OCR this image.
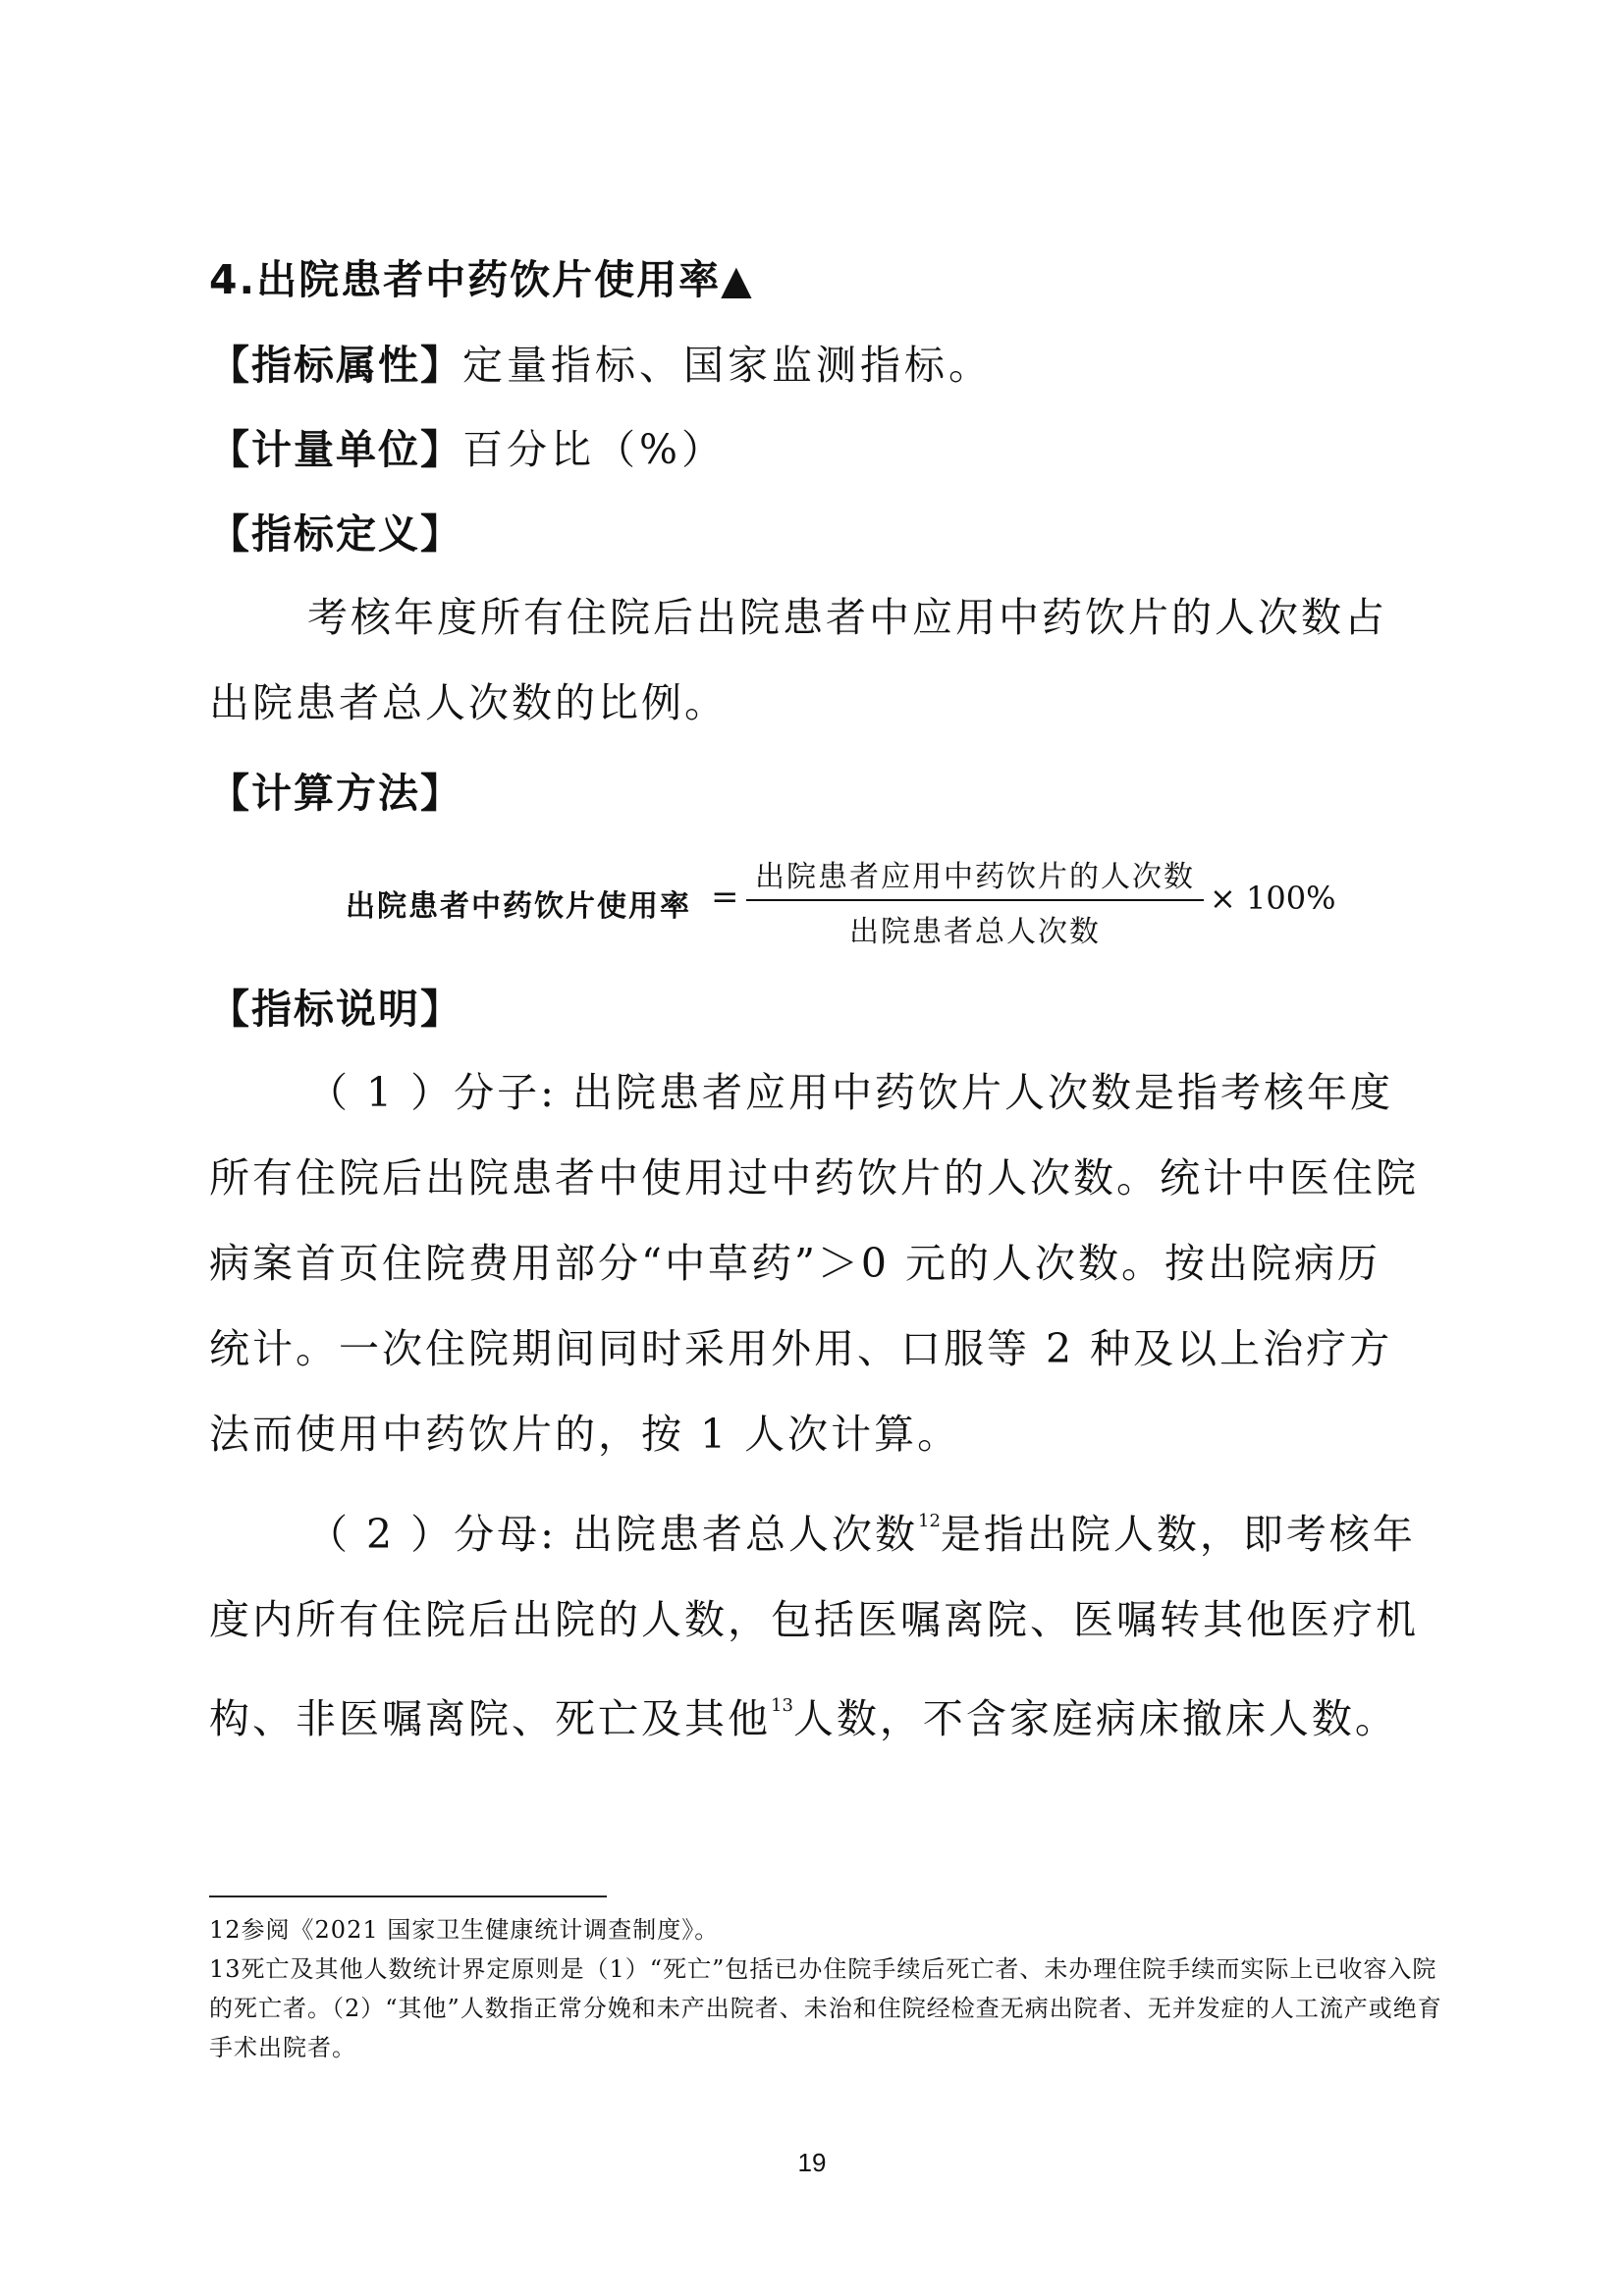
4.出院患者中药饮片使用率▲
【指标属性】定量指标、国家监测指标。
【计量单位】百分比（%）
【指标定义】
考核年度所有住院后出院患者中应用中药饮片的人次数占出院患者总人次数的比例。
【计算方法】
出院患者中药饮片使用率 =
出院患者应用中药饮片的人次数
出院患者总人次数
× 100%
【指标说明】
（ 1 ）分子: 出院患者应用中药饮片人次数是指考核年度所有住院后出院患者中使用过中药饮片的人次数。统计中医住院病案首页住院费用部分“中草药”＞0 元的人次数。按出院病历统计。一次住院期间同时采用外用、口服等 2 种及以上治疗方法而使用中药饮片的，按 1 人次计算。
（ 2 ）分母: 出院患者总人次数$^{12}$是指出院人数，即考核年度内所有住院后出院的人数，包括医嘱离院、医嘱转其他医疗机构、非医嘱离院、死亡及其他$^{13}$人数，不含家庭病床撤床人数。
12参阅《2021 国家卫生健康统计调查制度》。
13死亡及其他人数统计界定原则是（1）“死亡”包括已办住院手续后死亡者、未办理住院手续而实际上已收容入院的死亡者。（2）“其他”人数指正常分娩和未产出院者、未治和住院经检查无病出院者、无并发症的人工流产或绝育手术出院者。
19
